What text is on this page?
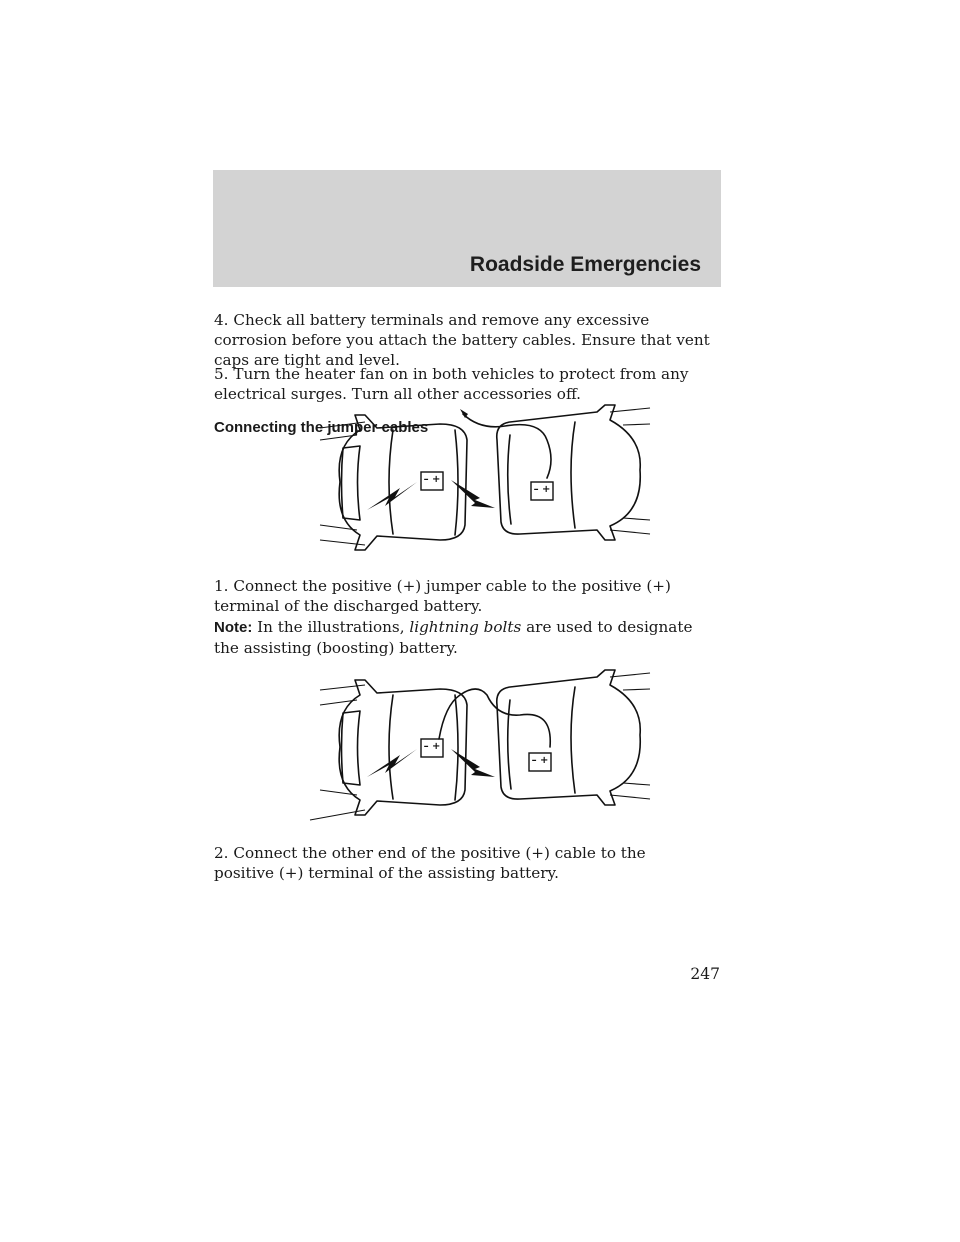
Roadside Emergencies

4. Check all battery terminals and remove any excessive corrosion before you attach the battery cables. Ensure that vent caps are tight and level.

5. Turn the heater fan on in both vehicles to protect from any electrical surges. Turn all other accessories off.

Connecting the jumper cables

– +
– +

1. Connect the positive (+) jumper cable to the positive (+) terminal of the discharged battery.

Note: In the illustrations, lightning bolts are used to designate the assisting (boosting) battery.

– +
– +

2. Connect the other end of the positive (+) cable to the positive (+) terminal of the assisting battery.

247
